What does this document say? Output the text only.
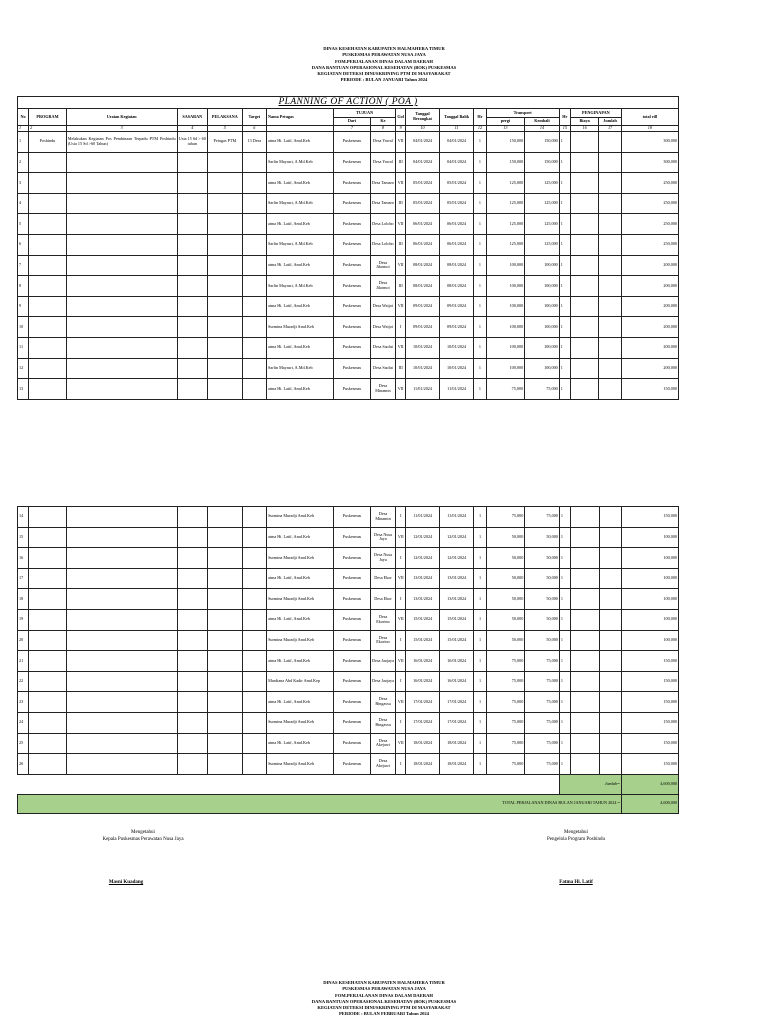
DINAS KESEHATAN KABUPATEN HALMAHERA TIMUR
PUSKESMAS PERAWATAN NUSA JAYA
FOM.PERJALANAN DINAS DALAM DAERAH
DANA BANTUAN OPERASIONAL KESEHATAN (BOK) PUSKESMAS
KEGIATAN DETEKSI DINI/SKRINING PTM DI MASYARAKAT
PERIODE : BULAN JANUARI Tahun 2024
PLANNING OF ACTION ( POA )																		
No	PROGRAM	Uraian Kegiatan	SASARAN	PELAKSANA	Target	Nama Petugas	TUJUAN		Gol	Tanggal Berangkat	Tanggal Balik	Hr	Transport		Hr	PENGINAPAN		total rill
							Dari	Ke					pergi	Kembali		Biaya	Jumlah	
1	2	3	4	5	6		7	8	9	10	11	12	13	14	15	16	17	18
1	Posbindu	Melakukan Kegiatan Pos Pembinaan Terpadu PTM Posbindu (Usia 15 Sd >60 Tahun)	Usia 15 Sd > 60 tahun	Petugas PTM	13 Desa	atma Hi. Latif, Amd.Keb	Puskesmas	Desa Yawal	VII	04/01/2024	04/01/2024	1	150,000	150,000	1			300,000
2						Sarlin Mayasri, A.Md.Keb	Puskesmas	Desa Yawal	III	04/01/2024	04/01/2024	1	150,000	150,000	1			300,000
3						atma Hi. Latif, Amd.Keb	Puskesmas	Desa Tamaro	VII	05/01/2024	05/01/2024	1	125,000	125,000	1			250,000
4						Sarlin Mayasri, A.Md.Keb	Puskesmas	Desa Tamaro	III	05/01/2024	05/01/2024	1	125,000	125,000	1			250,000
5						atma Hi. Latif, Amd.Keb	Puskesmas	Desa Lolobo	VII	06/01/2024	06/01/2024	1	125,000	125,000	1			250,000
6						Sarlin Mayasri, A.Md.Keb	Puskesmas	Desa Lolobo	III	06/01/2024	06/01/2024	1	125,000	125,000	1			250,000
7						atma Hi. Latif, Amd.Keb	Puskesmas	Desa Jikomoi	VII	08/01/2024	08/01/2024	1	100,000	100,000	1			200,000
8						Sarlin Mayasri, A.Md.Keb	Puskesmas	Desa Jikomoi	III	08/01/2024	08/01/2024	1	100,000	100,000	1			200,000
9						atma Hi. Latif, Amd.Keb	Puskesmas	Desa Waijoi	VII	09/01/2024	09/01/2024	1	100,000	100,000	1			200,000
10						Surmina Muradji Amd.Keb	Puskesmas	Desa Waijoi	I	09/01/2024	09/01/2024	1	100,000	100,000	1			200,000
11						atma Hi. Latif, Amd.Keb	Puskesmas	Desa Saolat	VII	10/01/2024	10/01/2024	1	100,000	100,000	1			200,000
12						Sarlin Mayasri, A.Md.Keb	Puskesmas	Desa Saolat	III	10/01/2024	10/01/2024	1	100,000	100,000	1			200,000
13						atma Hi. Latif, Amd.Keb	Puskesmas	Desa Minamin	VII	11/01/2024	11/01/2024	1	75,000	75,000	1			150,000
14						Surmina Muradji Amd.Keb	Puskesmas	Desa Minamin	I	11/01/2024	11/01/2024	1	75,000	75,000	1			150,000
15						atma Hi. Latif, Amd.Keb	Puskesmas	Desa Nusa Jaya	VII	12/01/2024	12/01/2024	1	50,000	50,000	1			100,000
16						Surmina Muradji Amd.Keb	Puskesmas	Desa Nusa Jaya	I	12/01/2024	12/01/2024	1	50,000	50,000	1			100,000
17						atma Hi. Latif, Amd.Keb	Puskesmas	Desa Ekor	VII	13/01/2024	13/01/2024	1	50,000	50,000	1			100,000
18						Surmina Muradji Amd.Keb	Puskesmas	Desa Ekor	I	13/01/2024	13/01/2024	1	50,000	50,000	1			100,000
19						atma Hi. Latif, Amd.Keb	Puskesmas	Desa Ekorino	VII	15/01/2024	15/01/2024	1	50,000	50,000	1			100,000
20						Surmina Muradji Amd.Keb	Puskesmas	Desa Ekorino	I	15/01/2024	15/01/2024	1	50,000	50,000	1			100,000
21						atma Hi. Latif, Amd.Keb	Puskesmas	Desa Jaojaya	VII	16/01/2024	16/01/2024	1	75,000	75,000	1			150,000
22						Mardiana Abd Kadir Amd.Kep	Puskesmas	Desa Jaojaya	I	16/01/2024	16/01/2024	1	75,000	75,000	1			150,000
23						atma Hi. Latif, Amd.Keb	Puskesmas	Desa Bingassu	VII	17/01/2024	17/01/2024	1	75,000	75,000	1			150,000
24						Surmina Muradji Amd.Keb	Puskesmas	Desa Bingassu	I	17/01/2024	17/01/2024	1	75,000	75,000	1			150,000
25						atma Hi. Latif, Amd.Keb	Puskesmas	Desa Akejawi	VII	18/01/2024	18/01/2024	1	75,000	75,000	1			150,000
26						Surmina Muradji Amd.Keb	Puskesmas	Desa Akejawi	I	18/01/2024	18/01/2024	1	75,000	75,000	1			150,000
															Jumlah=			4,600,000
TOTAL PERJALANAN DINAS BULAN JANUARI TAHUN 2024 =																		4,600,000
Mengetahui
Kepala Puskesmas Perawatan Nusa Jaya
Masni Kuadang
Mengetahui
Pengelola Program Posbindu
Fatma Hi. Latif
DINAS KESEHATAN KABUPATEN HALMAHERA TIMUR
PUSKESMAS PERAWATAN NUSA JAYA
FOM.PERJALANAN DINAS DALAM DAERAH
DANA BANTUAN OPERASIONAL KESEHATAN (BOK) PUSKESMAS
KEGIATAN DETEKSI DINI/SKRINING PTM DI MASYARAKAT
PERIODE : BULAN FEBRUARI Tahun 2024
